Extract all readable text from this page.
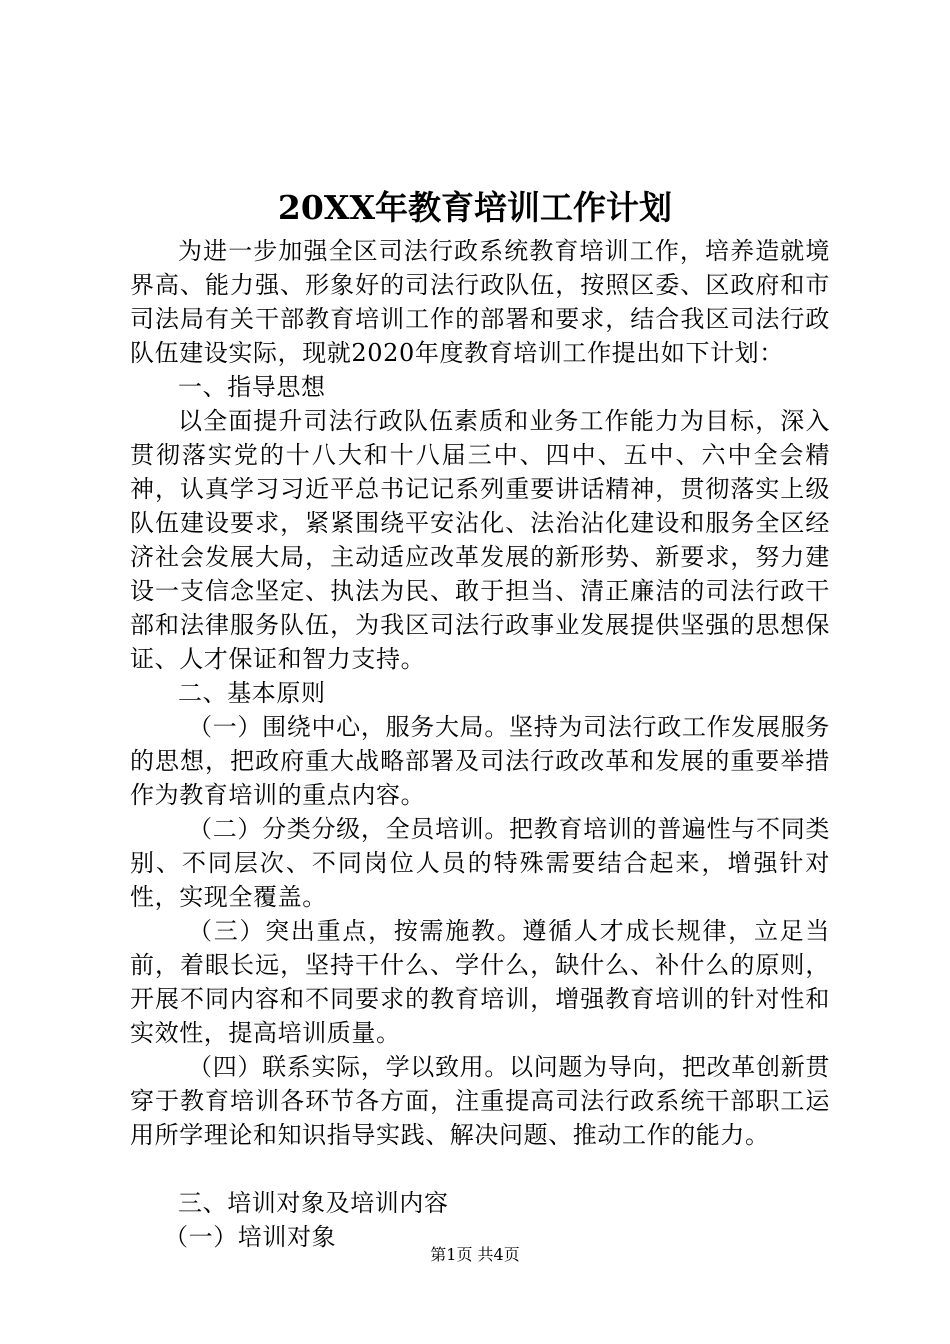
20XX年教育培训工作计划

为进一步加强全区司法行政系统教育培训工作，培养造就境界高、能力强、形象好的司法行政队伍，按照区委、区政府和市司法局有关干部教育培训工作的部署和要求，结合我区司法行政队伍建设实际，现就2020年度教育培训工作提出如下计划：

一、指导思想

以全面提升司法行政队伍素质和业务工作能力为目标，深入贯彻落实党的十八大和十八届三中、四中、五中、六中全会精神，认真学习习近平总书记记系列重要讲话精神，贯彻落实上级队伍建设要求，紧紧围绕平安沾化、法治沾化建设和服务全区经济社会发展大局，主动适应改革发展的新形势、新要求，努力建设一支信念坚定、执法为民、敢于担当、清正廉洁的司法行政干部和法律服务队伍，为我区司法行政事业发展提供坚强的思想保证、人才保证和智力支持。

二、基本原则

（一）围绕中心，服务大局。坚持为司法行政工作发展服务的思想，把政府重大战略部署及司法行政改革和发展的重要举措作为教育培训的重点内容。

（二）分类分级，全员培训。把教育培训的普遍性与不同类别、不同层次、不同岗位人员的特殊需要结合起来，增强针对性，实现全覆盖。

（三）突出重点，按需施教。遵循人才成长规律，立足当前，着眼长远，坚持干什么、学什么，缺什么、补什么的原则，开展不同内容和不同要求的教育培训，增强教育培训的针对性和实效性，提高培训质量。

（四）联系实际，学以致用。以问题为导向，把改革创新贯穿于教育培训各环节各方面，注重提高司法行政系统干部职工运用所学理论和知识指导实践、解决问题、推动工作的能力。

三、培训对象及培训内容

（一）培训对象

第1页 共4页
